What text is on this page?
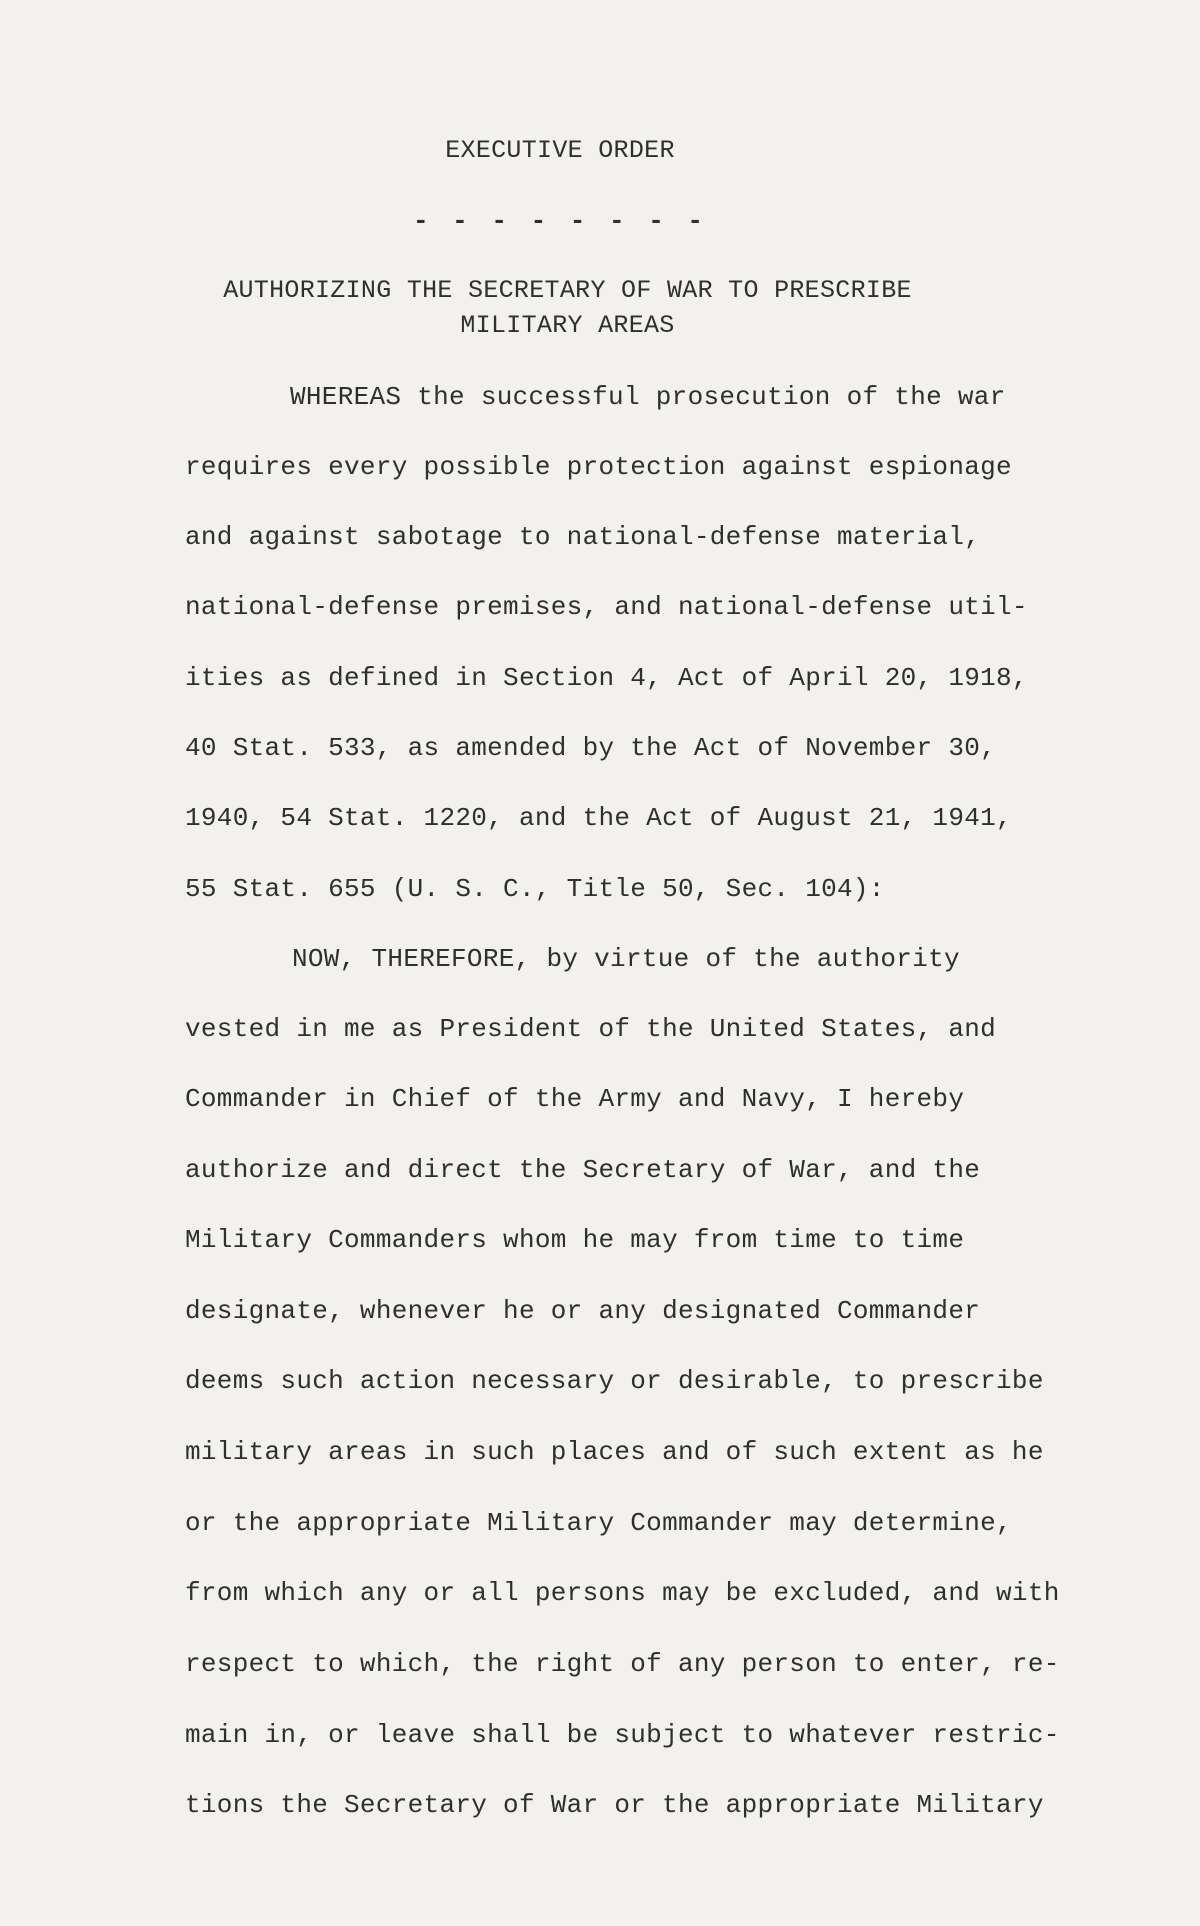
EXECUTIVE ORDER
- - - - - - - -
AUTHORIZING THE SECRETARY OF WAR TO PRESCRIBE
MILITARY AREAS
WHEREAS the successful prosecution of the war
requires every possible protection against espionage
and against sabotage to national-defense material,
national-defense premises, and national-defense util-
ities as defined in Section 4, Act of April 20, 1918,
40 Stat. 533, as amended by the Act of November 30,
1940, 54 Stat. 1220, and the Act of August 21, 1941,
55 Stat. 655 (U. S. C., Title 50, Sec. 104):
NOW, THEREFORE, by virtue of the authority
vested in me as President of the United States, and
Commander in Chief of the Army and Navy, I hereby
authorize and direct the Secretary of War, and the
Military Commanders whom he may from time to time
designate, whenever he or any designated Commander
deems such action necessary or desirable, to prescribe
military areas in such places and of such extent as he
or the appropriate Military Commander may determine,
from which any or all persons may be excluded, and with
respect to which, the right of any person to enter, re-
main in, or leave shall be subject to whatever restric-
tions the Secretary of War or the appropriate Military
